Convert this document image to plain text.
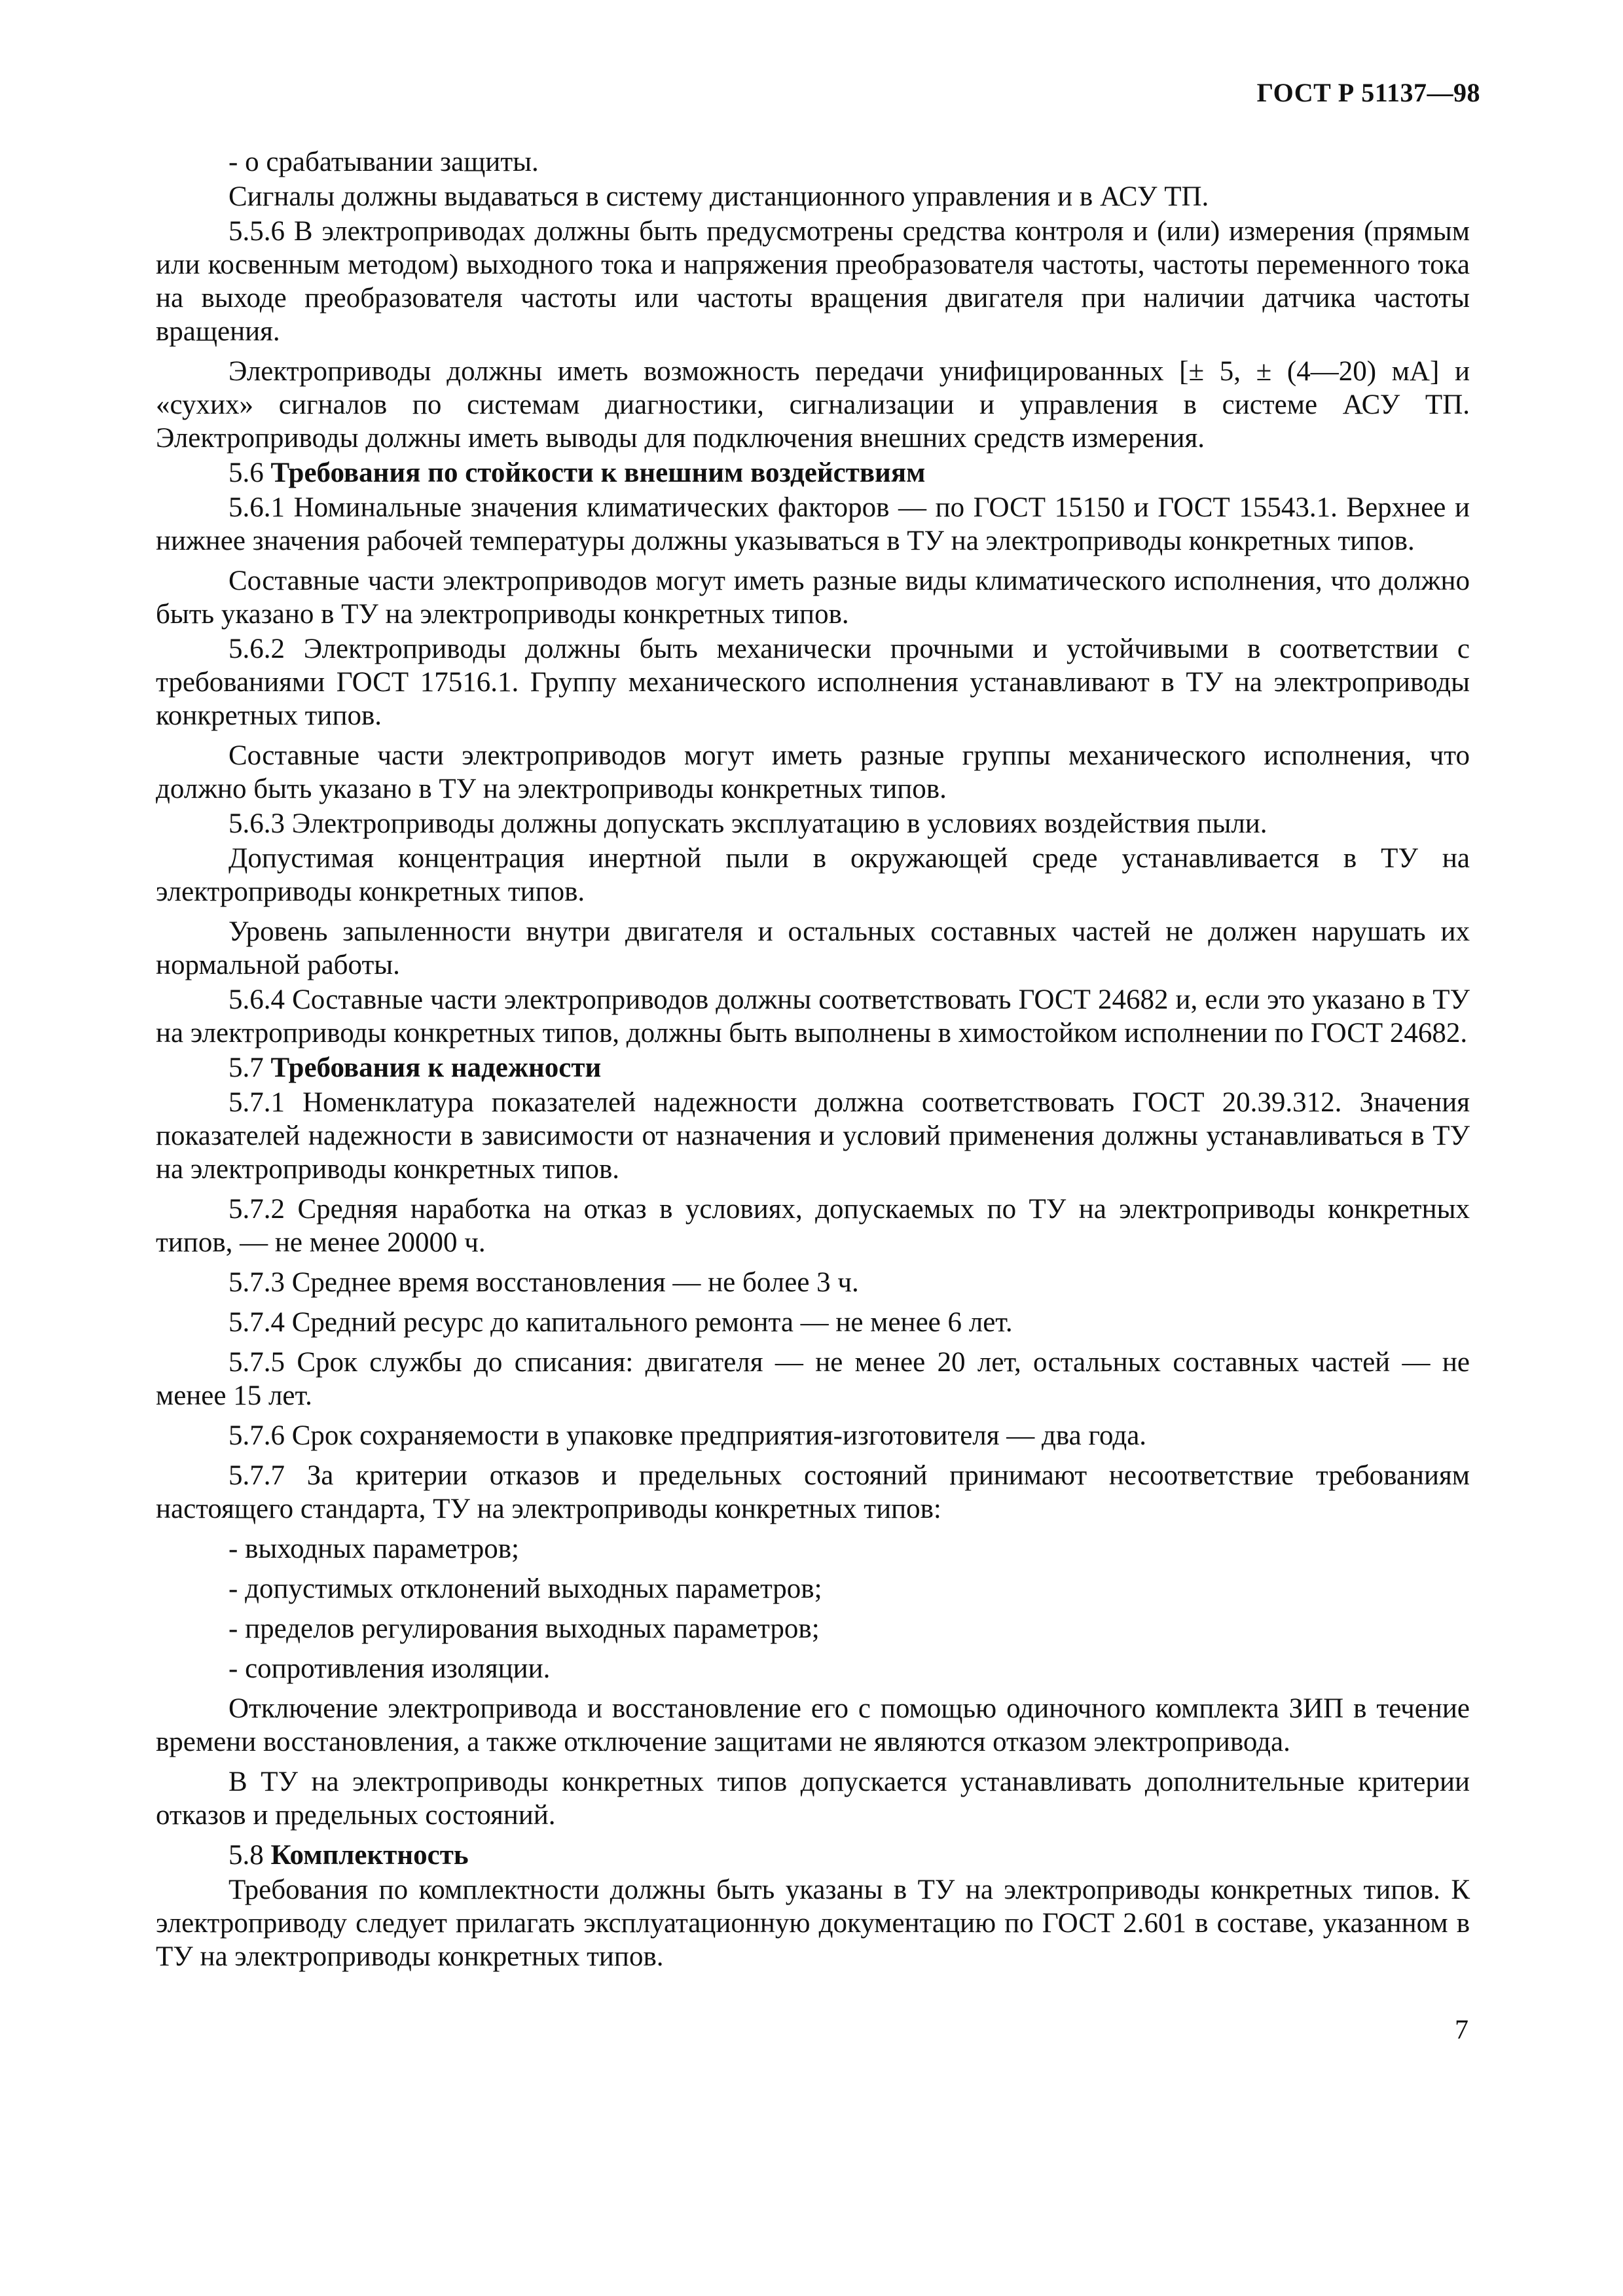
ГОСТ Р 51137—98

- о срабатывании защиты.

Сигналы должны выдаваться в систему дистанционного управления и в АСУ ТП.

5.5.6 В электроприводах должны быть предусмотрены средства контроля и (или) измерения (прямым или косвенным методом) выходного тока и напряжения преобразователя частоты, частоты переменного тока на выходе преобразователя частоты или частоты вращения двигателя при наличии датчика частоты вращения.

Электроприводы должны иметь возможность передачи унифицированных [± 5, ± (4—20) мА] и «сухих» сигналов по системам диагностики, сигнализации и управления в системе АСУ ТП. Электроприводы должны иметь выводы для подключения внешних средств измерения.

5.6 Требования по стойкости к внешним воздействиям

5.6.1 Номинальные значения климатических факторов — по ГОСТ 15150 и ГОСТ 15543.1. Верхнее и нижнее значения рабочей температуры должны указываться в ТУ на электроприводы конкретных типов.

Составные части электроприводов могут иметь разные виды климатического исполнения, что должно быть указано в ТУ на электроприводы конкретных типов.

5.6.2 Электроприводы должны быть механически прочными и устойчивыми в соответствии с требованиями ГОСТ 17516.1. Группу механического исполнения устанавливают в ТУ на электроприводы конкретных типов.

Составные части электроприводов могут иметь разные группы механического исполнения, что должно быть указано в ТУ на электроприводы конкретных типов.

5.6.3 Электроприводы должны допускать эксплуатацию в условиях воздействия пыли.

Допустимая концентрация инертной пыли в окружающей среде устанавливается в ТУ на электроприводы конкретных типов.

Уровень запыленности внутри двигателя и остальных составных частей не должен нарушать их нормальной работы.

5.6.4 Составные части электроприводов должны соответствовать ГОСТ 24682 и, если это указано в ТУ на электроприводы конкретных типов, должны быть выполнены в химостойком исполнении по ГОСТ 24682.

5.7 Требования к надежности

5.7.1 Номенклатура показателей надежности должна соответствовать ГОСТ 20.39.312. Значения показателей надежности в зависимости от назначения и условий применения должны устанавливаться в ТУ на электроприводы конкретных типов.

5.7.2 Средняя наработка на отказ в условиях, допускаемых по ТУ на электроприводы конкретных типов, — не менее 20000 ч.

5.7.3 Среднее время восстановления — не более 3 ч.

5.7.4 Средний ресурс до капитального ремонта — не менее 6 лет.

5.7.5 Срок службы до списания: двигателя — не менее 20 лет, остальных составных частей — не менее 15 лет.

5.7.6 Срок сохраняемости в упаковке предприятия-изготовителя — два года.

5.7.7 За критерии отказов и предельных состояний принимают несоответствие требованиям настоящего стандарта, ТУ на электроприводы конкретных типов:

- выходных параметров;

- допустимых отклонений выходных параметров;

- пределов регулирования выходных параметров;

- сопротивления изоляции.

Отключение электропривода и восстановление его с помощью одиночного комплекта ЗИП в течение времени восстановления, а также отключение защитами не являются отказом электропривода.

В ТУ на электроприводы конкретных типов допускается устанавливать дополнительные критерии отказов и предельных состояний.

5.8 Комплектность

Требования по комплектности должны быть указаны в ТУ на электроприводы конкретных типов. К электроприводу следует прилагать эксплуатационную документацию по ГОСТ 2.601 в составе, указанном в ТУ на электроприводы конкретных типов.

7
